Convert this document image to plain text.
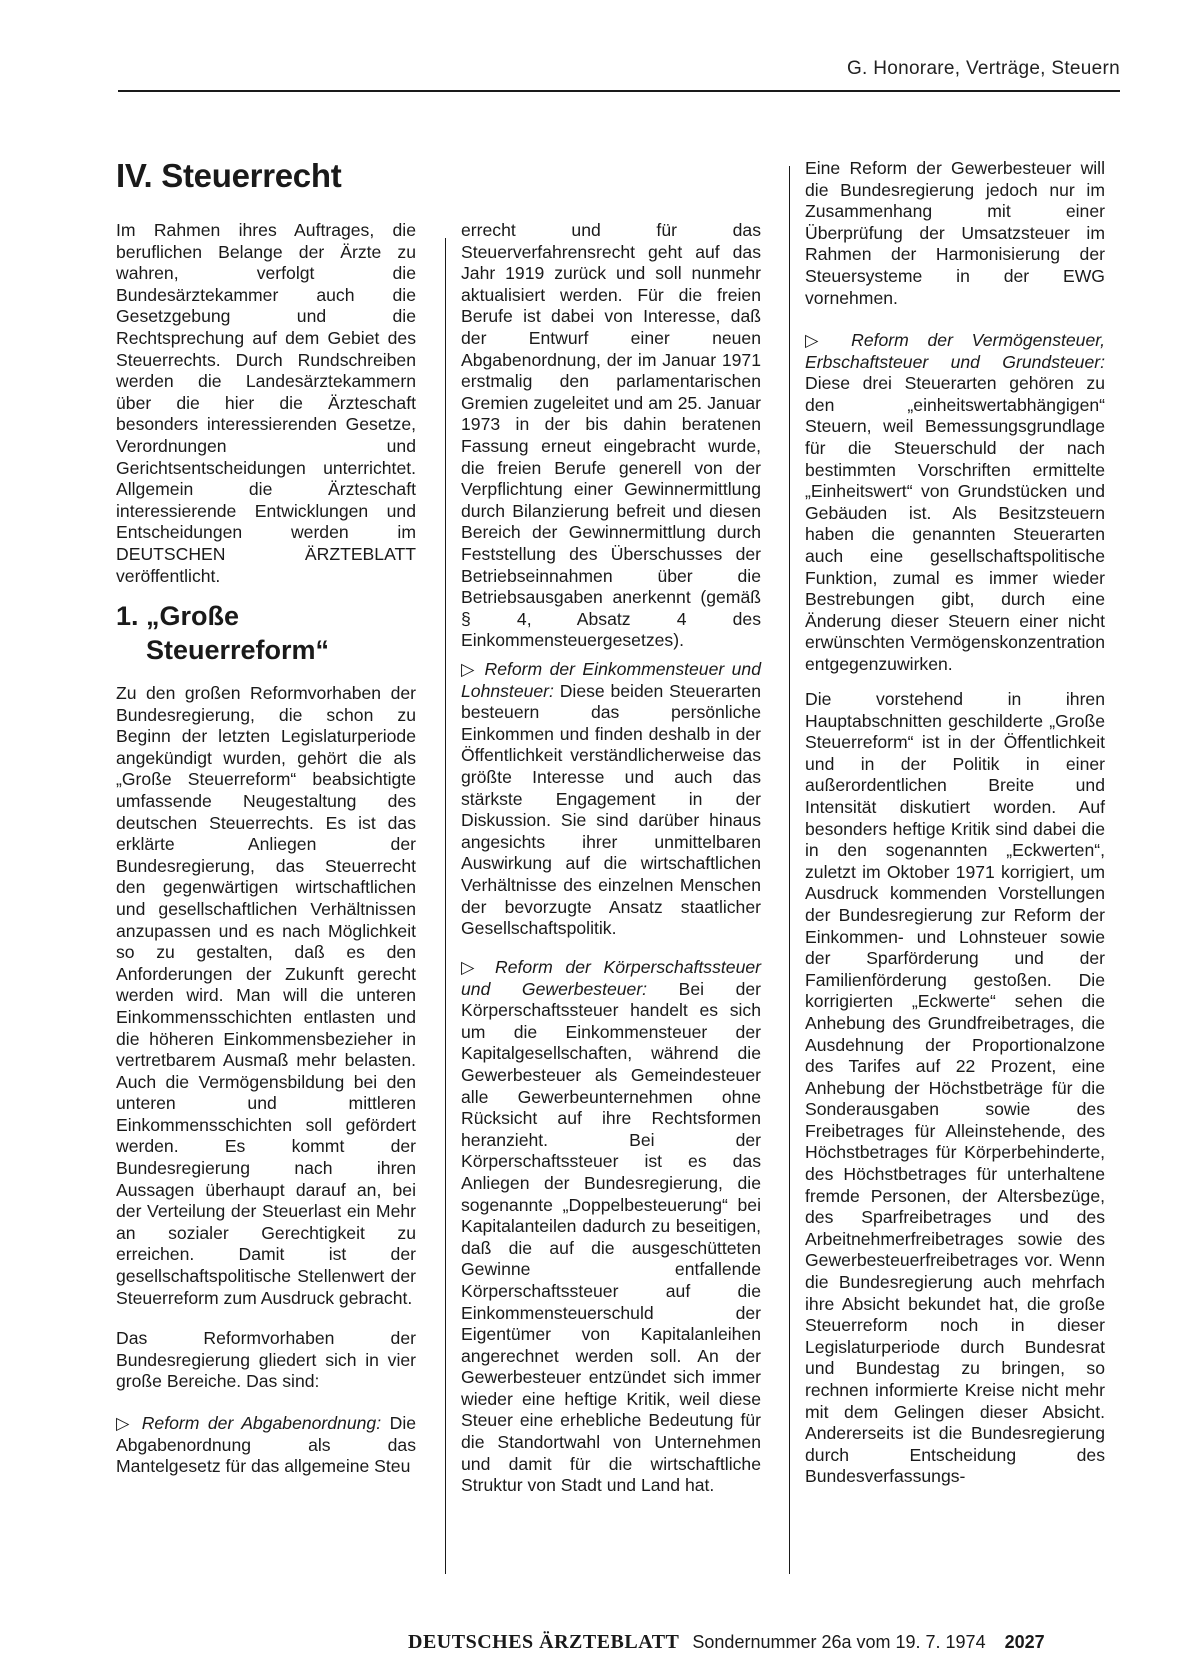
G. Honorare, Verträge, Steuern
IV. Steuerrecht

Im Rahmen ihres Auftrages, die beruflichen Belange der Ärzte zu wahren, verfolgt die Bundesärztekammer auch die Gesetzgebung und die Rechtsprechung auf dem Gebiet des Steuerrechts. Durch Rundschreiben werden die Landesärztekammern über die hier die Ärzteschaft besonders interessierenden Gesetze, Verordnungen und Gerichtsentscheidungen unterrichtet. Allgemein die Ärzteschaft interessierende Entwicklungen und Entscheidungen werden im DEUTSCHEN ÄRZTEBLATT veröffentlicht.

1. „Große
Steuerreform“

Zu den großen Reformvorhaben der Bundesregierung, die schon zu Beginn der letzten Legislaturperiode angekündigt wurden, gehört die als „Große Steuerreform“ beabsichtigte umfassende Neugestaltung des deutschen Steuerrechts. Es ist das erklärte Anliegen der Bundesregierung, das Steuerrecht den gegenwärtigen wirtschaftlichen und gesellschaftlichen Verhältnissen anzupassen und es nach Möglichkeit so zu gestalten, daß es den Anforderungen der Zukunft gerecht werden wird. Man will die unteren Einkommensschichten entlasten und die höheren Einkommensbezieher in vertretbarem Ausmaß mehr belasten. Auch die Vermögensbildung bei den unteren und mittleren Einkommensschichten soll gefördert werden. Es kommt der Bundesregierung nach ihren Aussagen überhaupt darauf an, bei der Verteilung der Steuerlast ein Mehr an sozialer Gerechtigkeit zu erreichen. Damit ist der gesellschaftspolitische Stellenwert der Steuerreform zum Ausdruck gebracht.

Das Reformvorhaben der Bundesregierung gliedert sich in vier große Bereiche. Das sind:

▷ Reform der Abgabenordnung: Die Abgabenordnung als das Mantelgesetz für das allgemeine Steu

errecht und für das Steuerverfahrensrecht geht auf das Jahr 1919 zurück und soll nunmehr aktualisiert werden. Für die freien Berufe ist dabei von Interesse, daß der Entwurf einer neuen Abgabenordnung, der im Januar 1971 erstmalig den parlamentarischen Gremien zugeleitet und am 25. Januar 1973 in der bis dahin beratenen Fassung erneut eingebracht wurde, die freien Berufe generell von der Verpflichtung einer Gewinnermittlung durch Bilanzierung befreit und diesen Bereich der Gewinnermittlung durch Feststellung des Überschusses der Betriebseinnahmen über die Betriebsausgaben anerkennt (gemäß § 4, Absatz 4 des Einkommensteuergesetzes).

▷ Reform der Einkommensteuer und Lohnsteuer: Diese beiden Steuerarten besteuern das persönliche Einkommen und finden deshalb in der Öffentlichkeit verständlicherweise das größte Interesse und auch das stärkste Engagement in der Diskussion. Sie sind darüber hinaus angesichts ihrer unmittelbaren Auswirkung auf die wirtschaftlichen Verhältnisse des einzelnen Menschen der bevorzugte Ansatz staatlicher Gesellschaftspolitik.

▷ Reform der Körperschaftssteuer und Gewerbesteuer: Bei der Körperschaftssteuer handelt es sich um die Einkommensteuer der Kapitalgesellschaften, während die Gewerbesteuer als Gemeindesteuer alle Gewerbeunternehmen ohne Rücksicht auf ihre Rechtsformen heranzieht. Bei der Körperschaftssteuer ist es das Anliegen der Bundesregierung, die sogenannte „Doppelbesteuerung“ bei Kapitalanteilen dadurch zu beseitigen, daß die auf die ausgeschütteten Gewinne entfallende Körperschaftssteuer auf die Einkommensteuerschuld der Eigentümer von Kapitalanleihen angerechnet werden soll. An der Gewerbesteuer entzündet sich immer wieder eine heftige Kritik, weil diese Steuer eine erhebliche Bedeutung für die Standortwahl von Unternehmen und damit für die wirtschaftliche Struktur von Stadt und Land hat.

Eine Reform der Gewerbesteuer will die Bundesregierung jedoch nur im Zusammenhang mit einer Überprüfung der Umsatzsteuer im Rahmen der Harmonisierung der Steuersysteme in der EWG vornehmen.

▷ Reform der Vermögensteuer, Erbschaftsteuer und Grundsteuer: Diese drei Steuerarten gehören zu den „einheitswertabhängigen“ Steuern, weil Bemessungsgrundlage für die Steuerschuld der nach bestimmten Vorschriften ermittelte „Einheitswert“ von Grundstücken und Gebäuden ist. Als Besitzsteuern haben die genannten Steuerarten auch eine gesellschaftspolitische Funktion, zumal es immer wieder Bestrebungen gibt, durch eine Änderung dieser Steuern einer nicht erwünschten Vermögenskonzentration entgegenzuwirken.

Die vorstehend in ihren Hauptabschnitten geschilderte „Große Steuerreform“ ist in der Öffentlichkeit und in der Politik in einer außerordentlichen Breite und Intensität diskutiert worden. Auf besonders heftige Kritik sind dabei die in den sogenannten „Eckwerten“, zuletzt im Oktober 1971 korrigiert, um Ausdruck kommenden Vorstellungen der Bundesregierung zur Reform der Einkommen- und Lohnsteuer sowie der Sparförderung und der Familienförderung gestoßen. Die korrigierten „Eckwerte“ sehen die Anhebung des Grundfreibetrages, die Ausdehnung der Proportionalzone des Tarifes auf 22 Prozent, eine Anhebung der Höchstbeträge für die Sonderausgaben sowie des Freibetrages für Alleinstehende, des Höchstbetrages für Körperbehinderte, des Höchstbetrages für unterhaltene fremde Personen, der Altersbezüge, des Sparfreibetrages und des Arbeitnehmerfreibetrages sowie des Gewerbesteuerfreibetrages vor. Wenn die Bundesregierung auch mehrfach ihre Absicht bekundet hat, die große Steuerreform noch in dieser Legislaturperiode durch Bundesrat und Bundestag zu bringen, so rechnen informierte Kreise nicht mehr mit dem Gelingen dieser Absicht. Andererseits ist die Bundesregierung durch Entscheidung des Bundesverfassungs-

DEUTSCHES ÄRZTEBLATT Sondernummer 26a vom 19. 7. 1974 2027
